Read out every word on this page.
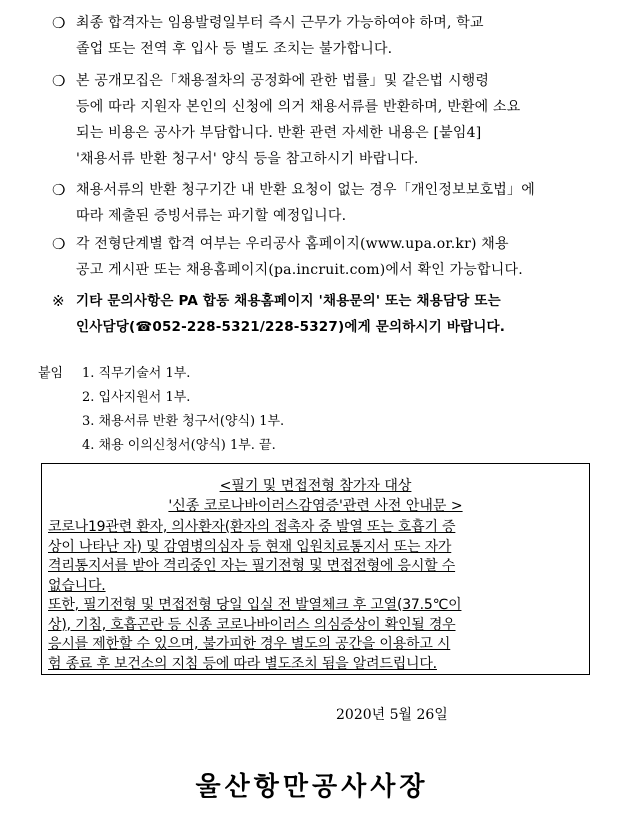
❍ 최종 합격자는 임용발령일부터 즉시 근무가 가능하여야 하며, 학교
졸업 또는 전역 후 입사 등 별도 조치는 불가합니다.
❍ 본 공개모집은「채용절차의 공정화에 관한 법률」및 같은법 시행령
등에 따라 지원자 본인의 신청에 의거 채용서류를 반환하며, 반환에 소요
되는 비용은 공사가 부담합니다. 반환 관련 자세한 내용은 [붙임4]
'채용서류 반환 청구서' 양식 등을 참고하시기 바랍니다.
❍ 채용서류의 반환 청구기간 내 반환 요청이 없는 경우「개인정보보호법」에
따라 제출된 증빙서류는 파기할 예정입니다.
❍ 각 전형단계별 합격 여부는 우리공사 홈페이지(www.upa.or.kr) 채용
공고 게시판 또는 채용홈페이지(pa.incruit.com)에서 확인 가능합니다.
※ 기타 문의사항은 PA 합동 채용홈페이지 '채용문의' 또는 채용담당 또는
인사담당(☎052-228-5321/228-5327)에게 문의하시기 바랍니다.
붙임	1. 직무기술서 1부.
2. 입사지원서 1부.
3. 채용서류 반환 청구서(양식) 1부.
4. 채용 이의신청서(양식) 1부. 끝.
<필기 및 면접전형 참가자 대상
'신종 코로나바이러스감염증'관련 사전 안내문 >
코로나19관련 환자, 의사환자(환자의 접촉자 중 발열 또는 호흡기 증
상이 나타난 자) 및 감염병의심자 등 현재 입원치료통지서 또는 자가
격리통지서를 받아 격리중인 자는 필기전형 및 면접전형에 응시할 수
없습니다.
또한, 필기전형 및 면접전형 당일 입실 전 발열체크 후 고열(37.5℃이
상), 기침, 호흡곤란 등 신종 코로나바이러스 의심증상이 확인될 경우
응시를 제한할 수 있으며, 불가피한 경우 별도의 공간을 이용하고 시
험 종료 후 보건소의 지침 등에 따라 별도조치 됨을 알려드립니다.
2020년 5월 26일
울산항만공사사장
